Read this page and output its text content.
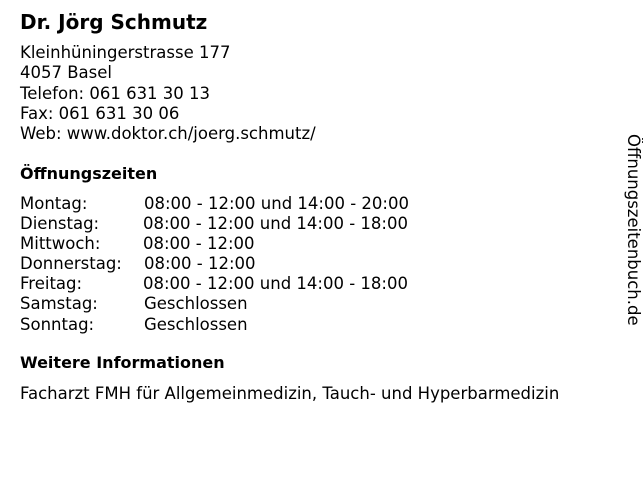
Dr. Jörg Schmutz
Kleinhüningerstrasse 177
4057 Basel
Telefon: 061 631 30 13
Fax: 061 631 30 06
Web: www.doktor.ch/joerg.schmutz/
Öffnungszeiten
Montag:	08:00 - 12:00 und 14:00 - 20:00
Dienstag:	08:00 - 12:00 und 14:00 - 18:00
Mittwoch:	08:00 - 12:00
Donnerstag: 08:00 - 12:00
Freitag:	08:00 - 12:00 und 14:00 - 18:00
Samstag:	Geschlossen
Sonntag:	Geschlossen
Weitere Informationen
Facharzt FMH für Allgemeinmedizin, Tauch- und Hyperbarmedizin
Öffnungszeitenbuch.de
